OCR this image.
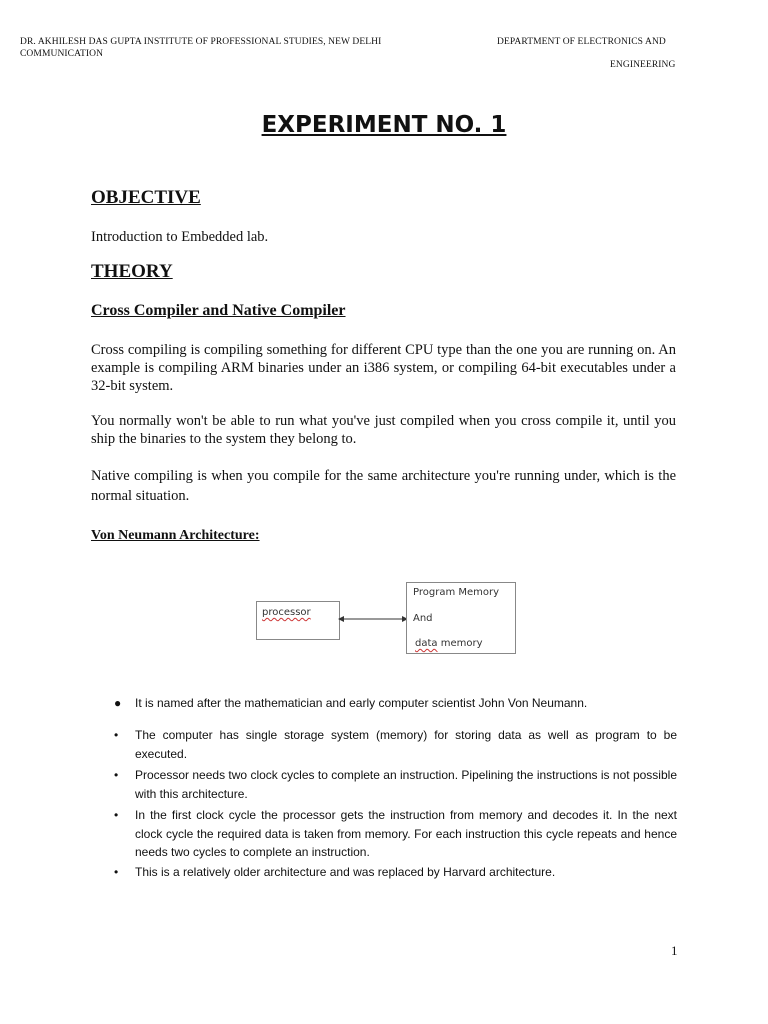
DR. AKHILESH DAS GUPTA INSTITUTE OF PROFESSIONAL STUDIES, NEW DELHI	DEPARTMENT OF ELECTRONICS AND
COMMUNICATION
ENGINEERING
EXPERIMENT NO. 1
OBJECTIVE
Introduction to Embedded lab.
THEORY
Cross Compiler and Native Compiler
Cross compiling is compiling something for different CPU type than the one you are running on. An example is compiling ARM binaries under an i386 system, or compiling 64-bit executables under a 32-bit system.
You normally won't be able to run what you've just compiled when you cross compile it, until you ship the binaries to the system they belong to.
Native compiling is when you compile for the same architecture you're running under, which is the normal situation.
Von Neumann Architecture:
processor
Program Memory
And
data memory
● It is named after the mathematician and early computer scientist John Von Neumann.
• The computer has single storage system (memory) for storing data as well as program to be executed.
• Processor needs two clock cycles to complete an instruction. Pipelining the instructions is not possible with this architecture.
• In the first clock cycle the processor gets the instruction from memory and decodes it. In the next clock cycle the required data is taken from memory. For each instruction this cycle repeats and hence needs two cycles to complete an instruction.
• This is a relatively older architecture and was replaced by Harvard architecture.
1
